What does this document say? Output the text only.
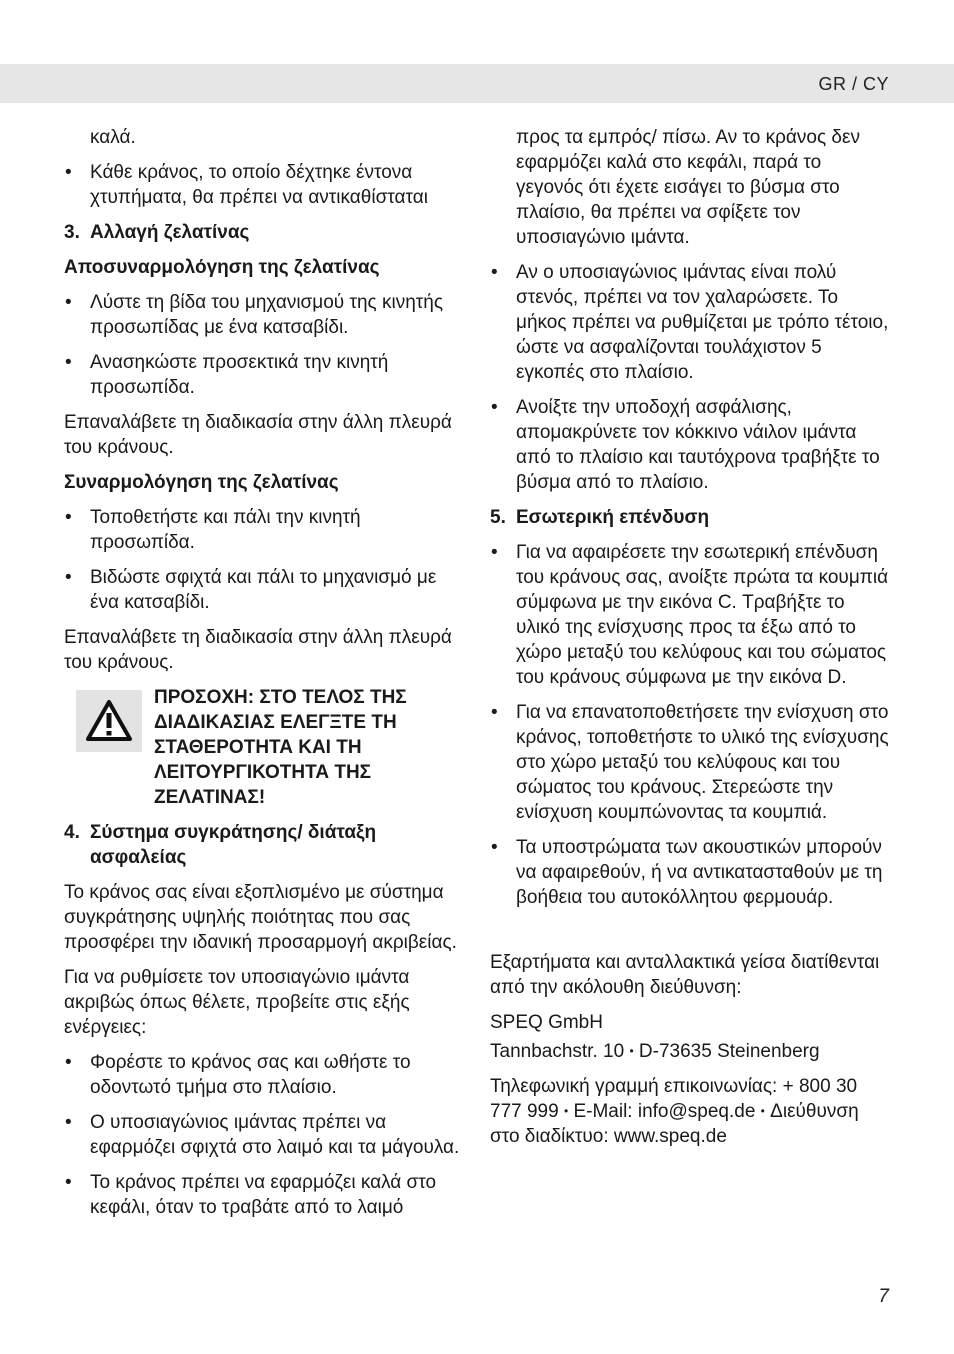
GR / CY

καλά.

• Κάθε κράνος, το οποίο δέχτηκε έντονα χτυπήματα, θα πρέπει να αντικαθίσταται
3. Αλλαγή ζελατίνας
Αποσυναρμολόγηση της ζελατίνας
• Λύστε τη βίδα του μηχανισμού της κινητής προσωπίδας με ένα κατσαβίδι.
• Ανασηκώστε προσεκτικά την κινητή προσωπίδα.

Επαναλάβετε τη διαδικασία στην άλλη πλευρά του κράνους.

Συναρμολόγηση της ζελατίνας
• Τοποθετήστε και πάλι την κινητή προσωπίδα.
• Βιδώστε σφιχτά και πάλι το μηχανισμό με ένα κατσαβίδι.

Επαναλάβετε τη διαδικασία στην άλλη πλευρά του κράνους.

ΠΡΟΣΟΧΗ: ΣΤΟ ΤΕΛΟΣ ΤΗΣ ΔΙΑΔΙΚΑΣΙΑΣ ΕΛΕΓΞΤΕ ΤΗ ΣΤΑΘΕΡΟΤΗΤΑ ΚΑΙ ΤΗ ΛΕΙΤΟΥΡΓΙΚΟΤΗΤΑ ΤΗΣ ΖΕΛΑΤΙΝΑΣ!
4. Σύστημα συγκράτησης/ διάταξη ασφαλείας

Το κράνος σας είναι εξοπλισμένο με σύστημα συγκράτησης υψηλής ποιότητας που σας προσφέρει την ιδανική προσαρμογή ακριβείας.

Για να ρυθμίσετε τον υποσιαγώνιο ιμάντα ακριβώς όπως θέλετε, προβείτε στις εξής ενέργειες:

• Φορέστε το κράνος σας και ωθήστε το οδοντωτό τμήμα στο πλαίσιο.
• Ο υποσιαγώνιος ιμάντας πρέπει να εφαρμόζει σφιχτά στο λαιμό και τα μάγουλα.
• Το κράνος πρέπει να εφαρμόζει καλά στο κεφάλι, όταν το τραβάτε από το λαιμό

προς τα εμπρός/ πίσω. Αν το κράνος δεν εφαρμόζει καλά στο κεφάλι, παρά το γεγονός ότι έχετε εισάγει το βύσμα στο πλαίσιο, θα πρέπει να σφίξετε τον υποσιαγώνιο ιμάντα.

• Αν ο υποσιαγώνιος ιμάντας είναι πολύ στενός, πρέπει να τον χαλαρώσετε. Το μήκος πρέπει να ρυθμίζεται με τρόπο τέτοιο, ώστε να ασφαλίζονται τουλάχιστον 5 εγκοπές στο πλαίσιο.
• Ανοίξτε την υποδοχή ασφάλισης, απομακρύνετε τον κόκκινο νάιλον ιμάντα από το πλαίσιο και ταυτόχρονα τραβήξτε το βύσμα από το πλαίσιο.
5. Εσωτερική επένδυση
• Για να αφαιρέσετε την εσωτερική επένδυση του κράνους σας, ανοίξτε πρώτα τα κουμπιά σύμφωνα με την εικόνα C. Τραβήξτε το υλικό της ενίσχυσης προς τα έξω από το χώρο μεταξύ του κελύφους και του σώματος του κράνους σύμφωνα με την εικόνα D.
• Για να επανατοποθετήσετε την ενίσχυση στο κράνος, τοποθετήστε το υλικό της ενίσχυσης στο χώρο μεταξύ του κελύφους και του σώματος του κράνους. Στερεώστε την ενίσχυση κουμπώνοντας τα κουμπιά.
• Τα υποστρώματα των ακουστικών μπορούν να αφαιρεθούν, ή να αντικατασταθούν με τη βοήθεια του αυτοκόλλητου φερμουάρ.

Εξαρτήματα και ανταλλακτικά γείσα διατίθενται από την ακόλουθη διεύθυνση:

SPEQ GmbH

Tannbachstr. 10 • D-73635 Steinenberg

Τηλεφωνική γραμμή επικοινωνίας: + 800 30 777 999 • E-Mail: info@speq.de • Διεύθυνση στο διαδίκτυο: www.speq.de

7
